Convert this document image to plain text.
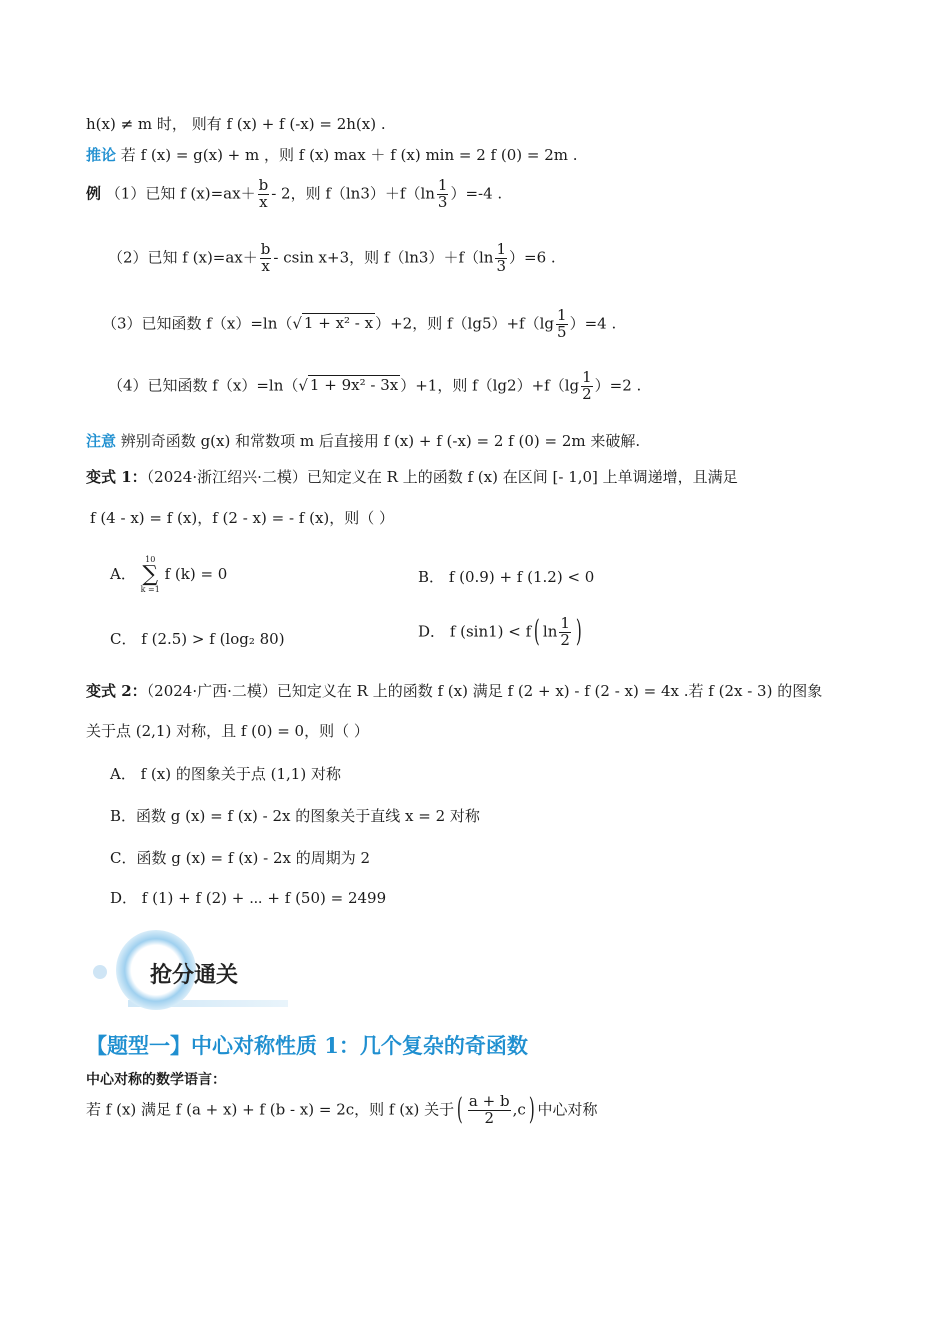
h(x) ≠ m 时， 则有 f (x) + f (-x) = 2h(x) .
推论 若 f (x) = g(x) + m ，则 f (x) max ＋ f (x) min = 2 f (0) = 2m .
例 （1）已知 f $(x)=ax+ \frac{b}{x} - 2$，则 $f(\ln 3)+f(\ln \frac{1}{3} )=-4$ .
（2）已知 f $(x)=ax+ \frac{b}{x} - csin$ x+3，则 $f(\ln 3)+f(\ln \frac{1}{3} )=6$ .
（3）已知函数 f（x）=ln（√ 1 + x² - x ）+2，则 $f(\lg 5)+f(\lg \frac{1}{5} )=4$ .
（4）已知函数 f（x）=ln（√ 1 + 9x² - 3x ）+1，则 $f(\lg 2)+f(\lg \frac{1}{2} )=2$ .
注意 辨别奇函数 g(x) 和常数项 m 后直接用 f (x) + f (-x) = 2 f (0) = 2m 来破解.
变式 1：（2024·浙江绍兴·二模）已知定义在 R 上的函数 f (x) 在区间 [- 1,0] 上单调递增，且满足
f (4 - x) = f (x)，f (2 - x) = - f (x)，则（ ）
A．
10
∑
k =1
f (k) = 0	B． f (0.9) + f (1.2) < 0
C． f (2.5) > f (log₂ 80)	D． f (sin1) < f( $\ln \frac{1}{2}$ )
变式 2：（2024·广西·二模）已知定义在 R 上的函数 f (x) 满足 f (2 + x) - f (2 - x) = 4x .若 f (2x - 3) 的图象
关于点 (2,1) 对称，且 f (0) = 0，则（ ）
A． f (x) 的图象关于点 (1,1) 对称
B．函数 g (x) = f (x) - 2x 的图象关于直线 x = 2 对称
C．函数 g (x) = f (x) - 2x 的周期为 2
D． f (1) + f (2) + ⋯ + f (50) = 2499
抢分通关
【题型一】中心对称性质 1：几个复杂的奇函数
中心对称的数学语言：
若 f (x) 满足 f (a + x) + f (b - x) = 2c，则 f (x) 关于( $\frac{a + b}{2} ,c$) 中心对称
